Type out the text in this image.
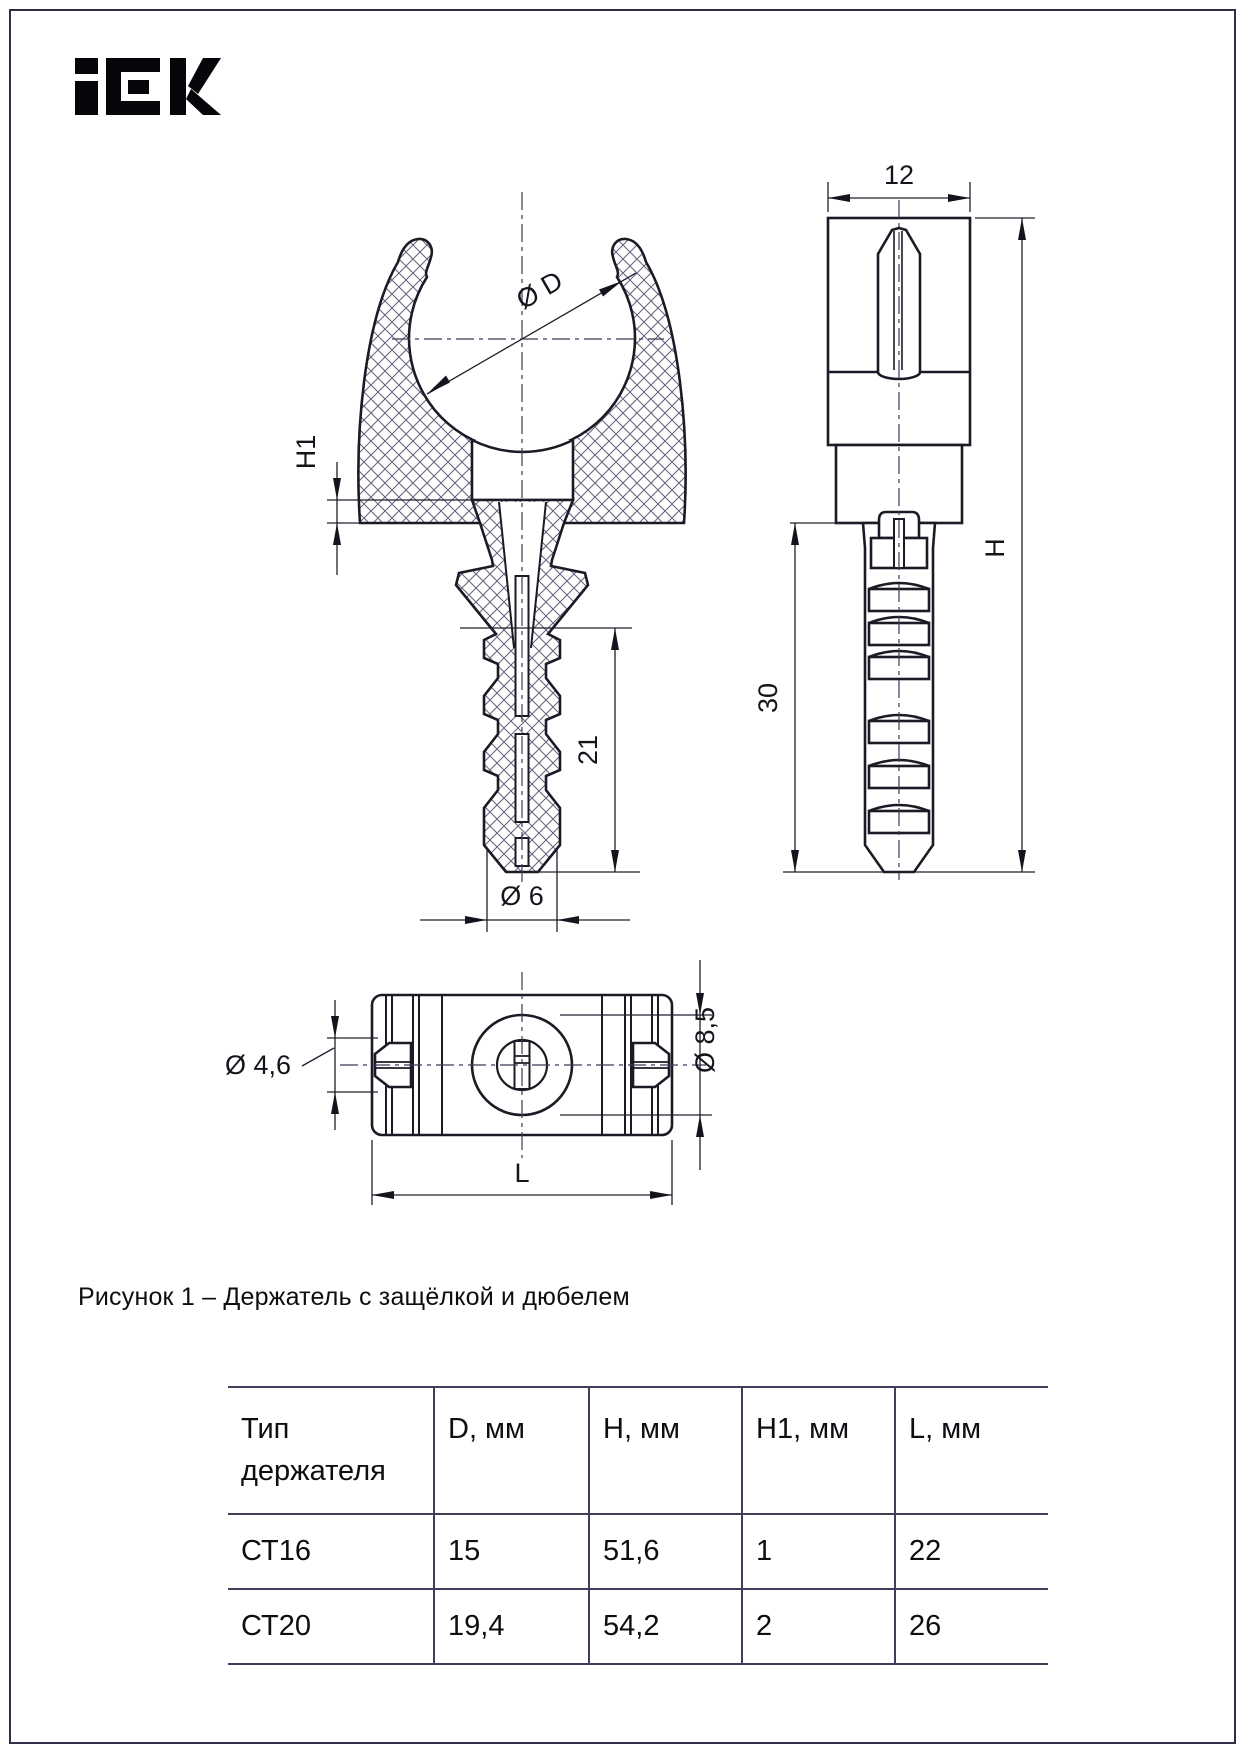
Ø D
H1
21
Ø 6
12
30
H
Ø 4,6	Ø 8,5
L
Рисунок 1 – Держатель с защёлкой и дюбелем
Тип держателя	D, мм	H, мм	H1, мм	L, мм
СТ16	15	51,6	1	22
СТ20	19,4	54,2	2	26
